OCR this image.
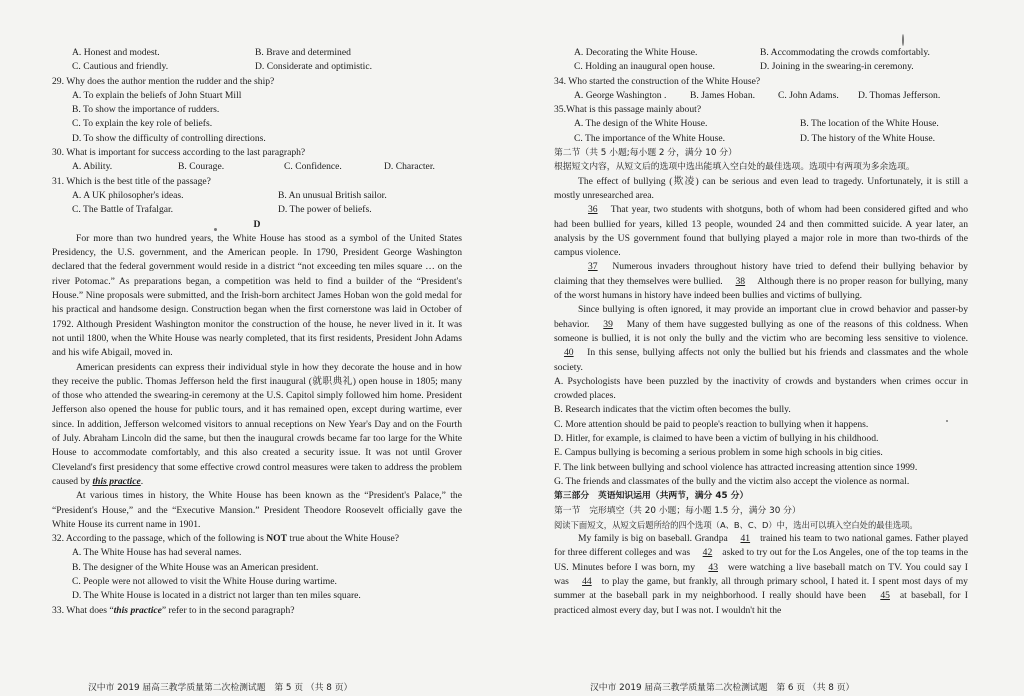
A. Honest and modest.	B. Brave and determined
C. Cautious and friendly.	D. Considerate and optimistic.
29. Why does the author mention the rudder and the ship?
A. To explain the beliefs of John Stuart Mill
B. To show the importance of rudders.
C. To explain the key role of beliefs.
D. To show the difficulty of controlling directions.
30. What is important for success according to the last paragraph?
A. Ability.	B. Courage.	C. Confidence.	D. Character.
31. Which is the best title of the passage?
A. A UK philosopher's ideas.	B. An unusual British sailor.
C. The Battle of Trafalgar.	D. The power of beliefs.
D

For more than two hundred years, the White House has stood as a symbol of the United States Presidency, the U.S. government, and the American people. In 1790, President George Washington declared that the federal government would reside in a district “not exceeding ten miles square … on the river Potomac.” As preparations began, a competition was held to find a builder of the “President's House.” Nine proposals were submitted, and the Irish-born architect James Hoban won the gold medal for his practical and handsome design. Construction began when the first cornerstone was laid in October of 1792. Although President Washington monitor the construction of the house, he never lived in it. It was not until 1800, when the White House was nearly completed, that its first residents, President John Adams and his wife Abigail, moved in.

American presidents can express their individual style in how they decorate the house and in how they receive the public. Thomas Jefferson held the first inaugural (就职典礼) open house in 1805; many of those who attended the swearing-in ceremony at the U.S. Capitol simply followed him home. President Jefferson also opened the house for public tours, and it has remained open, except during wartime, ever since. In addition, Jefferson welcomed visitors to annual receptions on New Year's Day and on the Fourth of July. Abraham Lincoln did the same, but then the inaugural crowds became far too large for the White House to accommodate comfortably, and this also created a security issue. It was not until Grover Cleveland's first presidency that some effective crowd control measures were taken to address the problem caused by this practice.

At various times in history, the White House has been known as the “President's Palace,” the “President's House,” and the “Executive Mansion.” President Theodore Roosevelt officially gave the White House its current name in 1901.

32. According to the passage, which of the following is NOT true about the White House?
A. The White House has had several names.
B. The designer of the White House was an American president.
C. People were not allowed to visit the White House during wartime.
D. The White House is located in a district not larger than ten miles square.
33. What does “this practice” refer to in the second paragraph?
汉中市 2019 届高三教学质量第二次检测试题　第 5 页 （共 8 页）
A. Decorating the White House.	B. Accommodating the crowds comfortably.
C. Holding an inaugural open house.	D. Joining in the swearing-in ceremony.
34. Who started the construction of the White House?
A. George Washington . B. James Hoban. C. John Adams. D. Thomas Jefferson.
35.What is this passage mainly about?
A. The design of the White House.	B. The location of the White House.
C. The importance of the White House.	D. The history of the White House.
第二节（共 5 小题;每小题 2 分，满分 10 分）
根据短文内容，从短文后的选项中选出能填入空白处的最佳选项。选项中有两项为多余选项。

The effect of bullying (欺凌) can be serious and even lead to tragedy. Unfortunately, it is still a mostly unresearched area.

36 That year, two students with shotguns, both of whom had been considered gifted and who had been bullied for years, killed 13 people, wounded 24 and then committed suicide. A year later, an analysis by the US government found that bullying played a major role in more than two-thirds of the campus violence.

37 Numerous invaders throughout history have tried to defend their bullying behavior by claiming that they themselves were bullied. 38 Although there is no proper reason for bullying, many of the worst humans in history have indeed been bullies and victims of bullying.

Since bullying is often ignored, it may provide an important clue in crowd behavior and passer-by behavior. 39 Many of them have suggested bullying as one of the reasons of this coldness. When someone is bullied, it is not only the bully and the victim who are becoming less sensitive to violence. 40 In this sense, bullying affects not only the bullied but his friends and classmates and the whole society.

A. Psychologists have been puzzled by the inactivity of crowds and bystanders when crimes occur in crowded places.
B. Research indicates that the victim often becomes the bully.
C. More attention should be paid to people's reaction to bullying when it happens.
D. Hitler, for example, is claimed to have been a victim of bullying in his childhood.
E. Campus bullying is becoming a serious problem in some high schools in big cities.
F. The link between bullying and school violence has attracted increasing attention since 1999.
G. The friends and classmates of the bully and the victim also accept the violence as normal.
第三部分　英语知识运用（共两节，满分 45 分）
第一节　完形填空（共 20 小题；每小题 1.5 分，满分 30 分）
阅读下面短文，从短文后题所给的四个选项（A、B、C、D）中，选出可以填入空白处的最佳选项。

My family is big on baseball. Grandpa 41 trained his team to two national games. Father played for three different colleges and was 42 asked to try out for the Los Angeles, one of the top teams in the US. Minutes before I was born, my 43 were watching a live baseball match on TV. You could say I was 44 to play the game, but frankly, all through primary school, I hated it. I spent most days of my summer at the baseball park in my neighborhood. I really should have been 45 at baseball, for I practiced almost every day, but I was not. I wouldn't hit the

汉中市 2019 届高三教学质量第二次检测试题　第 6 页 （共 8 页）
